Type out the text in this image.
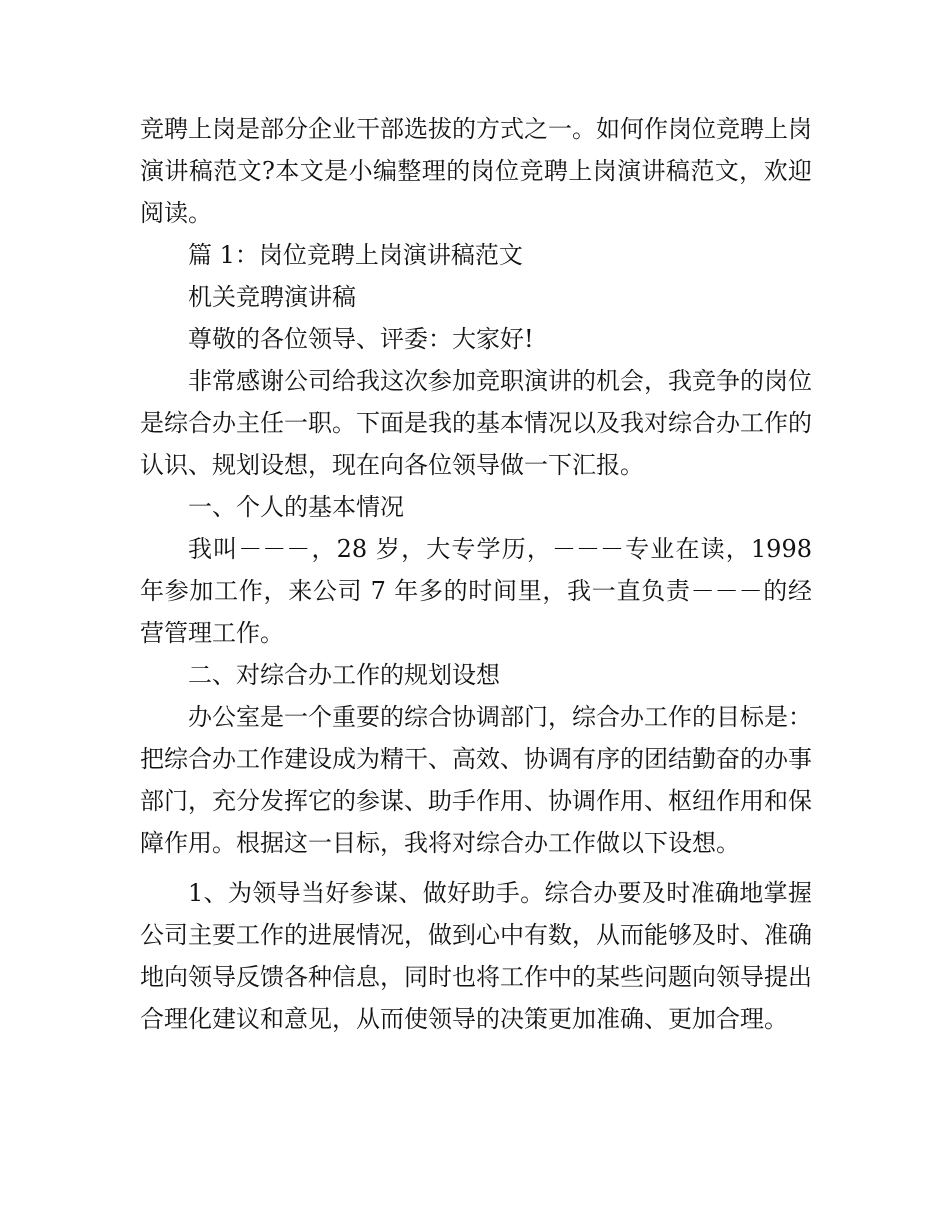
竞聘上岗是部分企业干部选拔的方式之一。如何作岗位竞聘上岗演讲稿范文?本文是小编整理的岗位竞聘上岗演讲稿范文，欢迎阅读。

篇 1：岗位竞聘上岗演讲稿范文

机关竞聘演讲稿

尊敬的各位领导、评委：大家好!

非常感谢公司给我这次参加竞职演讲的机会，我竞争的岗位是综合办主任一职。下面是我的基本情况以及我对综合办工作的认识、规划设想，现在向各位领导做一下汇报。

一、个人的基本情况

我叫－－－，28 岁，大专学历，－－－专业在读，1998 年参加工作，来公司 7 年多的时间里，我一直负责－－－的经营管理工作。

二、对综合办工作的规划设想

办公室是一个重要的综合协调部门，综合办工作的目标是：把综合办工作建设成为精干、高效、协调有序的团结勤奋的办事部门，充分发挥它的参谋、助手作用、协调作用、枢纽作用和保障作用。根据这一目标，我将对综合办工作做以下设想。

1、为领导当好参谋、做好助手。综合办要及时准确地掌握公司主要工作的进展情况，做到心中有数，从而能够及时、准确地向领导反馈各种信息，同时也将工作中的某些问题向领导提出合理化建议和意见，从而使领导的决策更加准确、更加合理。
